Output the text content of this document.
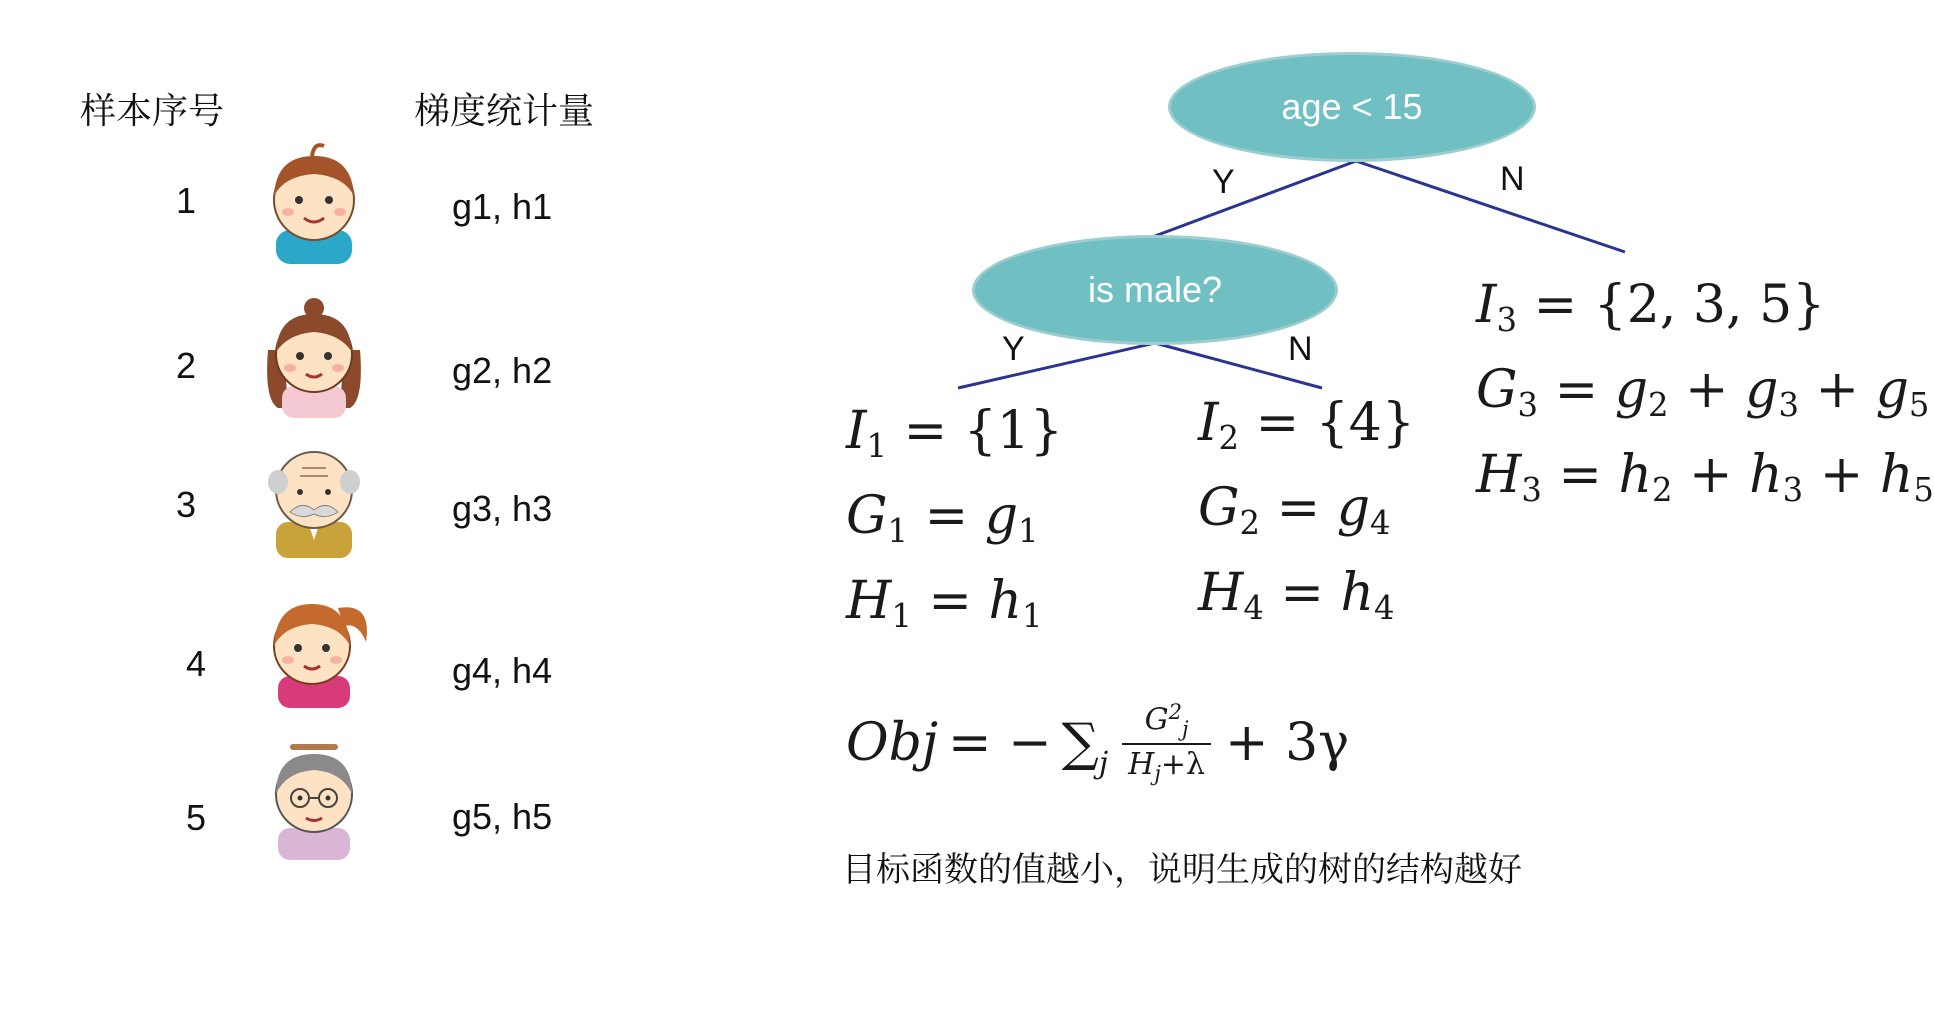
样本序号	梯度统计量
1	g1, h1
2	g2, h2
3	g3, h3
4	g4, h4
5	g5, h5
age < 15
is male?
Y	N
Y	N
$I_1 = \{1\}$
$G_1 = g_1$
$H_1 = h_1$
$I_2 = \{4\}$
$G_2 = g_4$
$H_4 = h_4$
$I_3 = \{2$, 3, 5}
$G_3 = g_2 + g_3 + g_5$
$H_3 = h_2 + h_3 + h_5$
Obj = − ∑ j $\frac{G^2_j}{H_j+\lambda} + 3\gamma$
目标函数的值越小，说明生成的树的结构越好
